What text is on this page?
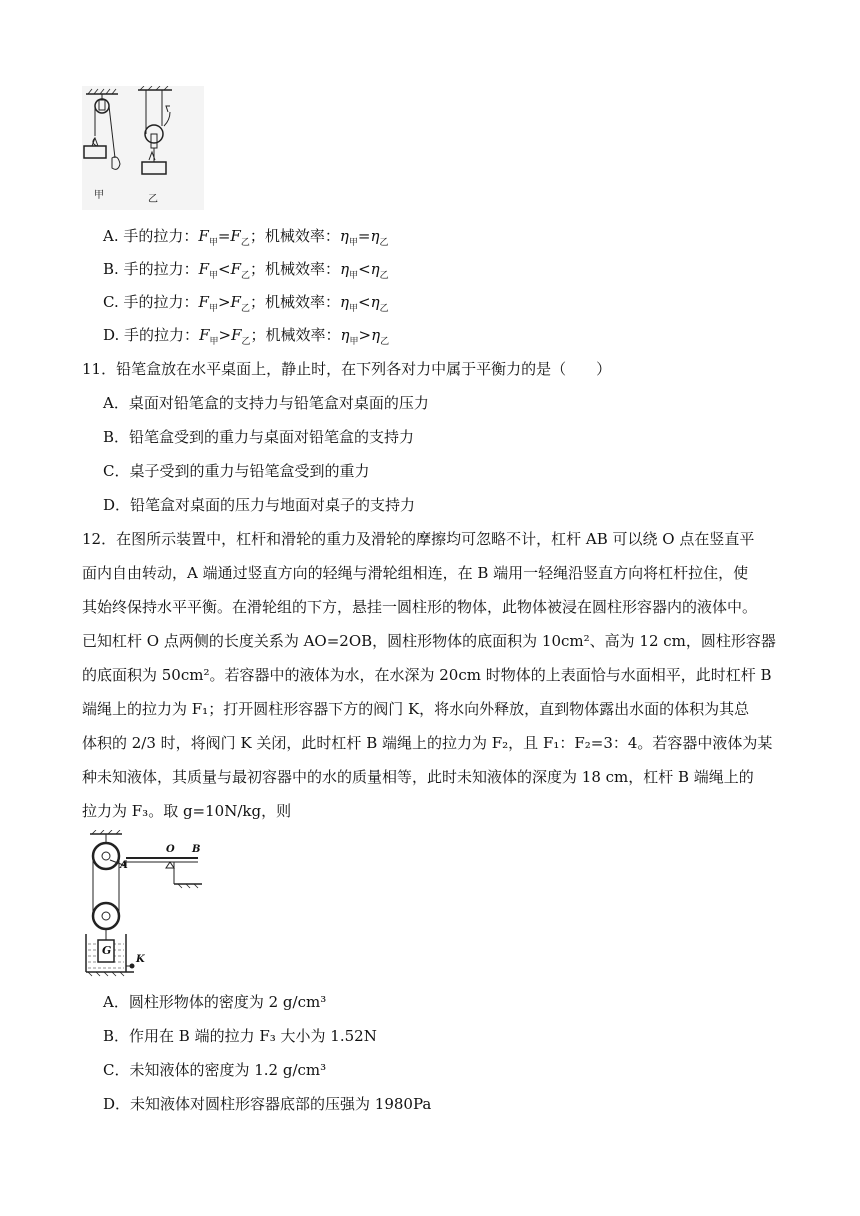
甲	乙
A. 手的拉力：$F_甲=F_乙$；机械效率：$\eta_甲=\eta_乙$
B. 手的拉力：$F_甲<F_乙$；机械效率：$\eta_甲<\eta_乙$
C. 手的拉力：$F_甲>F_乙$；机械效率：$\eta_甲<\eta_乙$
D. 手的拉力：$F_甲>F_乙$；机械效率：$\eta_甲>\eta_乙$
11．铅笔盒放在水平桌面上，静止时，在下列各对力中属于平衡力的是（　　）
A．桌面对铅笔盒的支持力与铅笔盒对桌面的压力
B．铅笔盒受到的重力与桌面对铅笔盒的支持力
C．桌子受到的重力与铅笔盒受到的重力
D．铅笔盒对桌面的压力与地面对桌子的支持力
12．在图所示装置中，杠杆和滑轮的重力及滑轮的摩擦均可忽略不计，杠杆 AB 可以绕 O 点在竖直平
面内自由转动，A 端通过竖直方向的轻绳与滑轮组相连，在 B 端用一轻绳沿竖直方向将杠杆拉住，使
其始终保持水平平衡。在滑轮组的下方，悬挂一圆柱形的物体，此物体被浸在圆柱形容器内的液体中。
已知杠杆 O 点两侧的长度关系为 AO=2OB，圆柱形物体的底面积为 10cm²、高为 12 cm，圆柱形容器
的底面积为 50cm²。若容器中的液体为水，在水深为 20cm 时物体的上表面恰与水面相平，此时杠杆 B
端绳上的拉力为 F₁；打开圆柱形容器下方的阀门 K，将水向外释放，直到物体露出水面的体积为其总
体积的 2/3 时，将阀门 K 关闭，此时杠杆 B 端绳上的拉力为 F₂，且 F₁：F₂=3：4。若容器中液体为某
种未知液体，其质量与最初容器中的水的质量相等，此时未知液体的深度为 18 cm，杠杆 B 端绳上的
拉力为 F₃。取 g=10N/kg，则
A
O B
G
K
A．圆柱形物体的密度为 2 g/cm³
B．作用在 B 端的拉力 F₃ 大小为 1.52N
C．未知液体的密度为 1.2 g/cm³
D．未知液体对圆柱形容器底部的压强为 1980Pa
